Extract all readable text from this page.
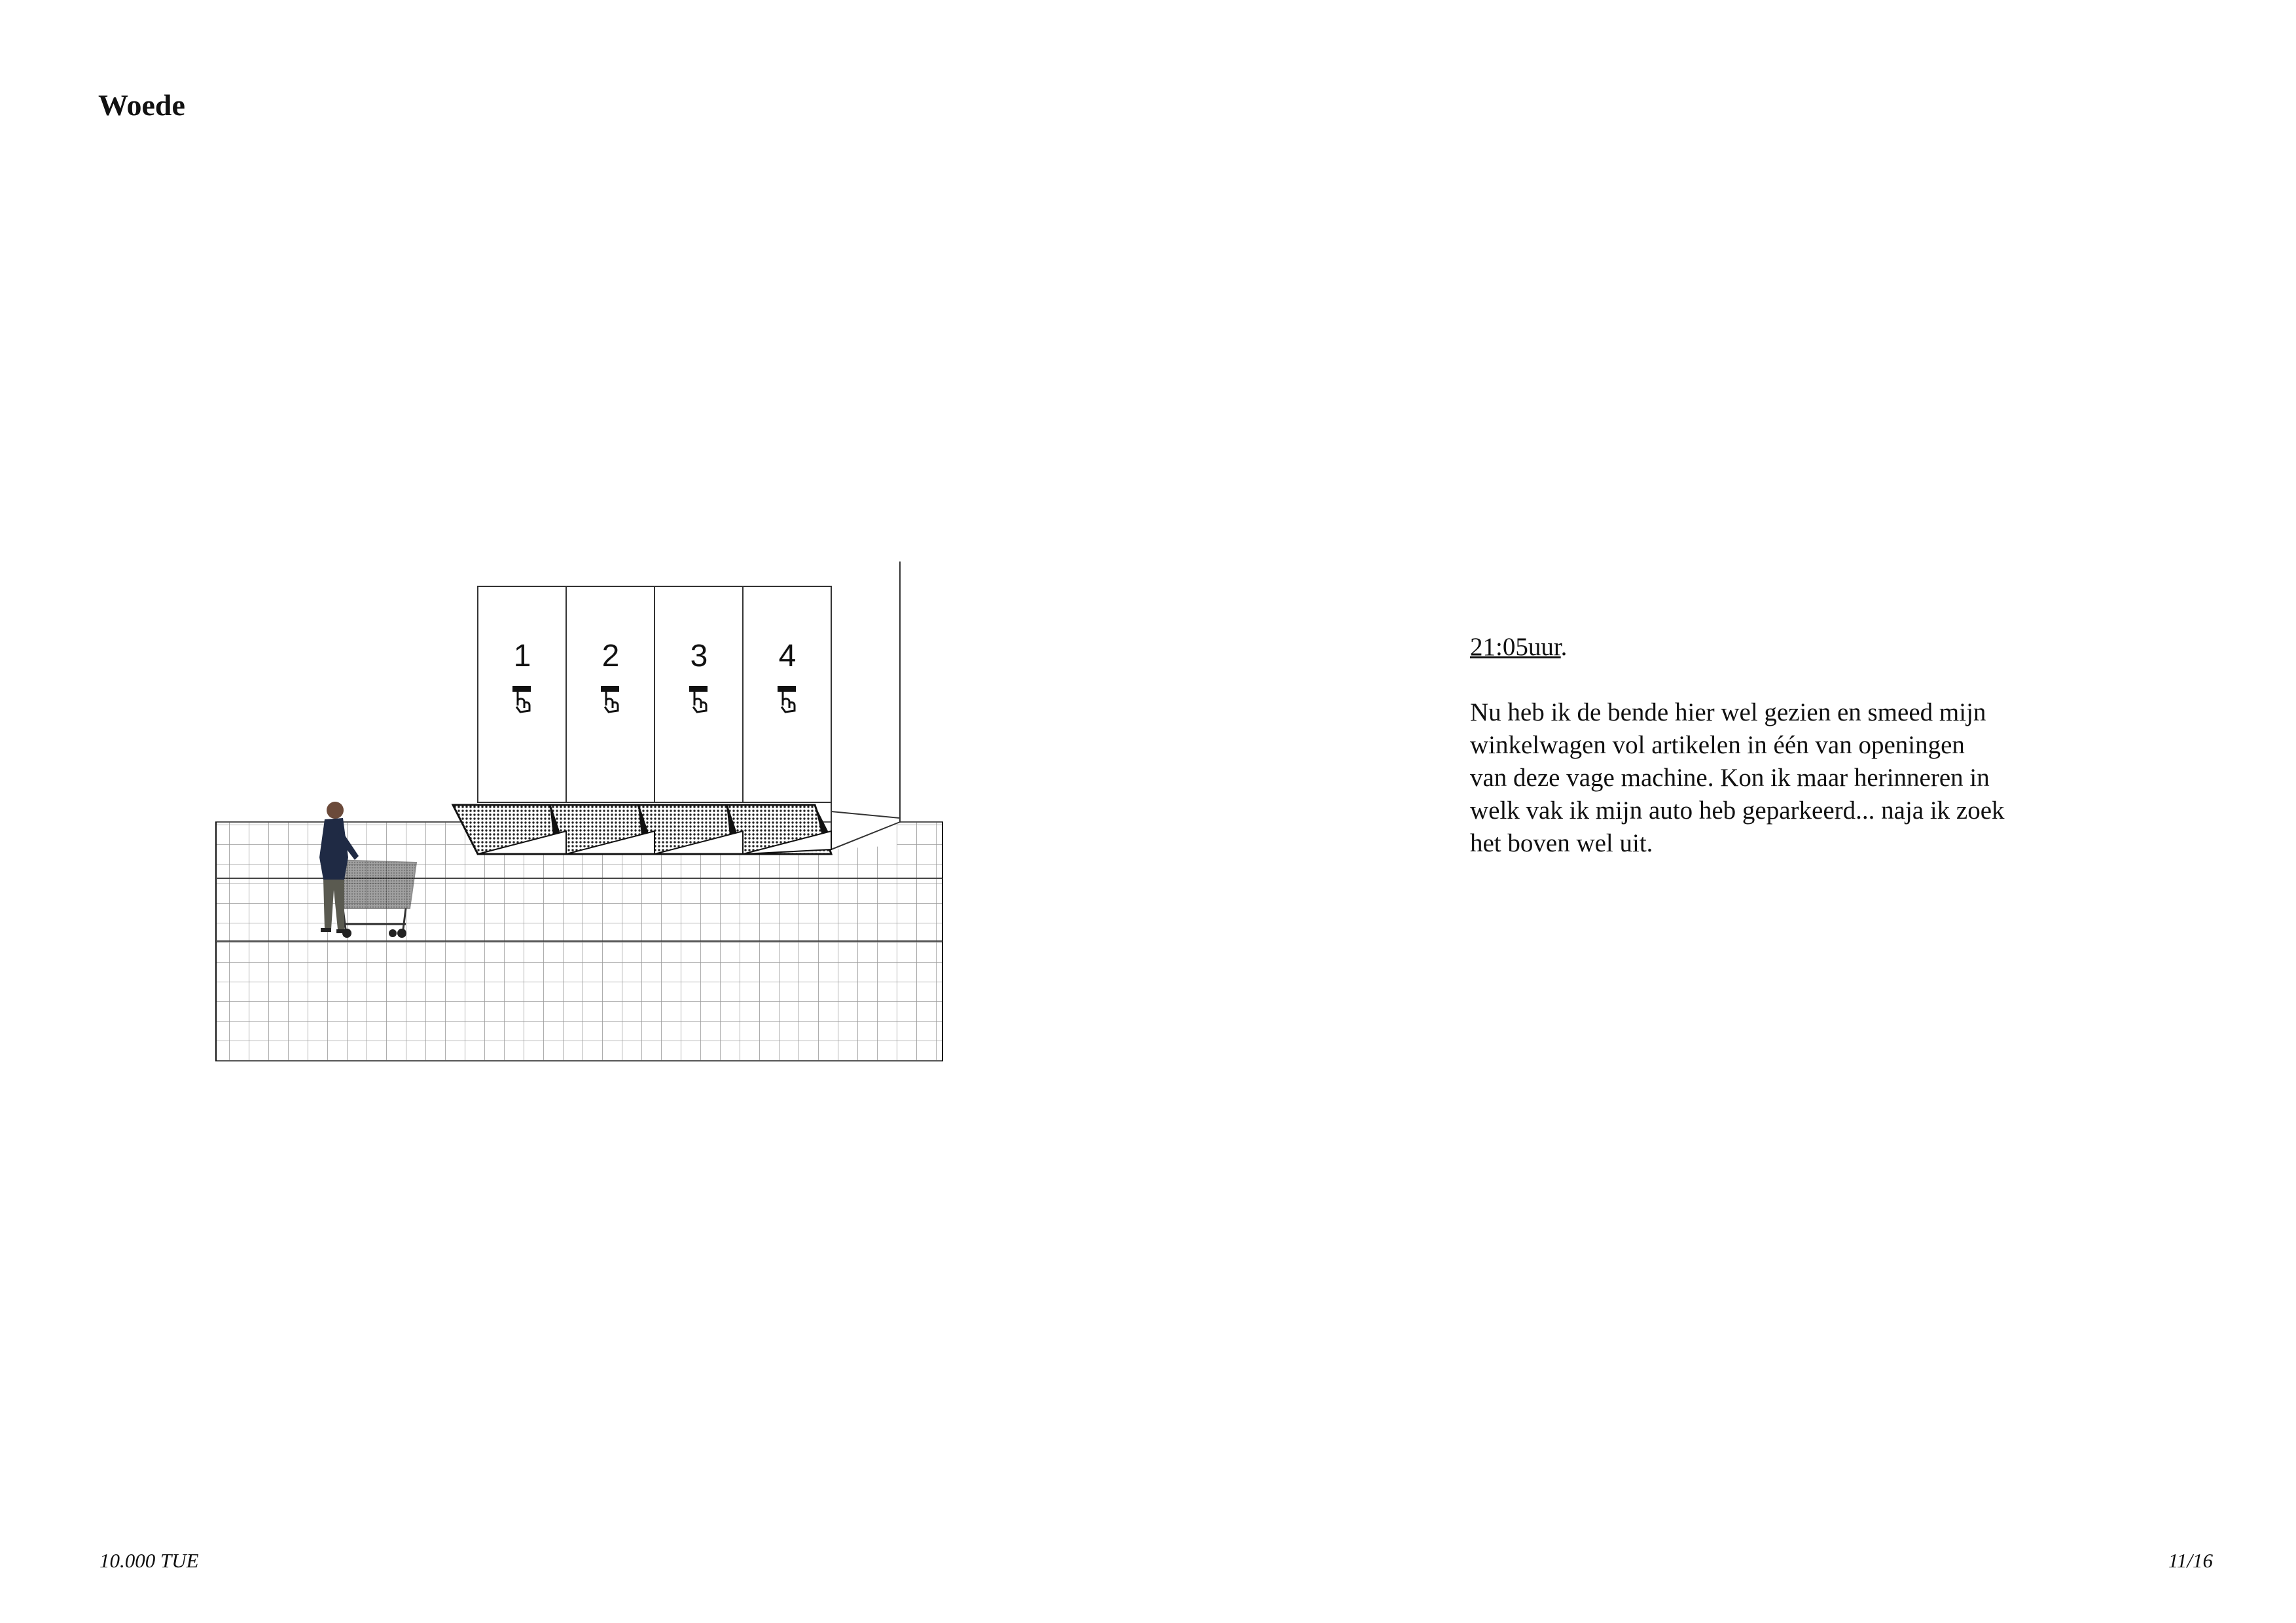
Woede
1 2 3 4	21:05uur.

Nu heb ik de bende hier wel gezien en smeed mijn
winkelwagen vol artikelen in één van openingen
van deze vage machine. Kon ik maar herinneren in
welk vak ik mijn auto heb geparkeerd... naja ik zoek
het boven wel uit.

10.000 TUE	11/16
